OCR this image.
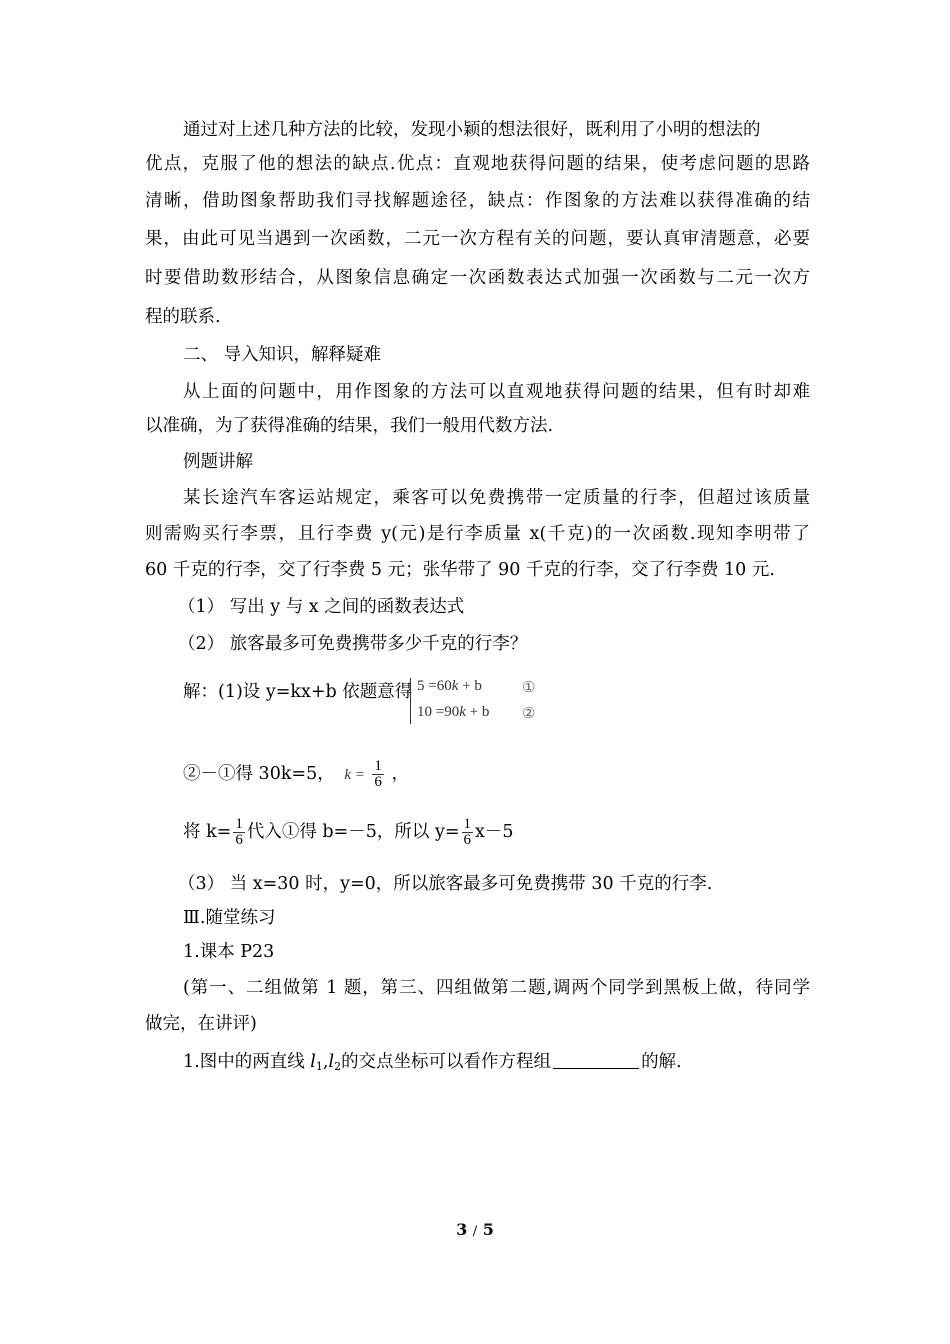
通过对上述几种方法的比较，发现小颖的想法很好，既利用了小明的想法的
优点，克服了他的想法的缺点.优点：直观地获得问题的结果，使考虑问题的思路
清晰，借助图象帮助我们寻找解题途径，缺点：作图象的方法难以获得准确的结
果，由此可见当遇到一次函数，二元一次方程有关的问题，要认真审清题意，必要
时要借助数形结合，从图象信息确定一次函数表达式加强一次函数与二元一次方
程的联系.
二、 导入知识，解释疑难
从上面的问题中，用作图象的方法可以直观地获得问题的结果，但有时却难
以准确，为了获得准确的结果，我们一般用代数方法.
例题讲解
某长途汽车客运站规定，乘客可以免费携带一定质量的行李，但超过该质量
则需购买行李票，且行李费 y(元)是行李质量 x(千克)的一次函数.现知李明带了
60 千克的行李，交了行李费 5 元；张华带了 90 千克的行李，交了行李费 10 元.
（1） 写出 y 与 x 之间的函数表达式
（2） 旅客最多可免费携带多少千克的行李？
解：(1)设 y=kx+b 依题意得 5 =60k + b	①
10 =90k + b ②
②－①得 30k=5， $k = \frac{1}{6}$ ，
将 $k= \frac{1}{6}$ 代入①得 b=－5，所以 $y= \frac{1}{6} x-5$
（3） 当 x=30 时，y=0，所以旅客最多可免费携带 30 千克的行李.
Ⅲ.随堂练习
1.课本 P23
(第一、二组做第 1 题，第三、四组做第二题,调两个同学到黑板上做，待同学
做完，在讲评)
1.图中的两直线 $l_1,l_2$的交点坐标可以看作方程组	的解.
3 / 5
